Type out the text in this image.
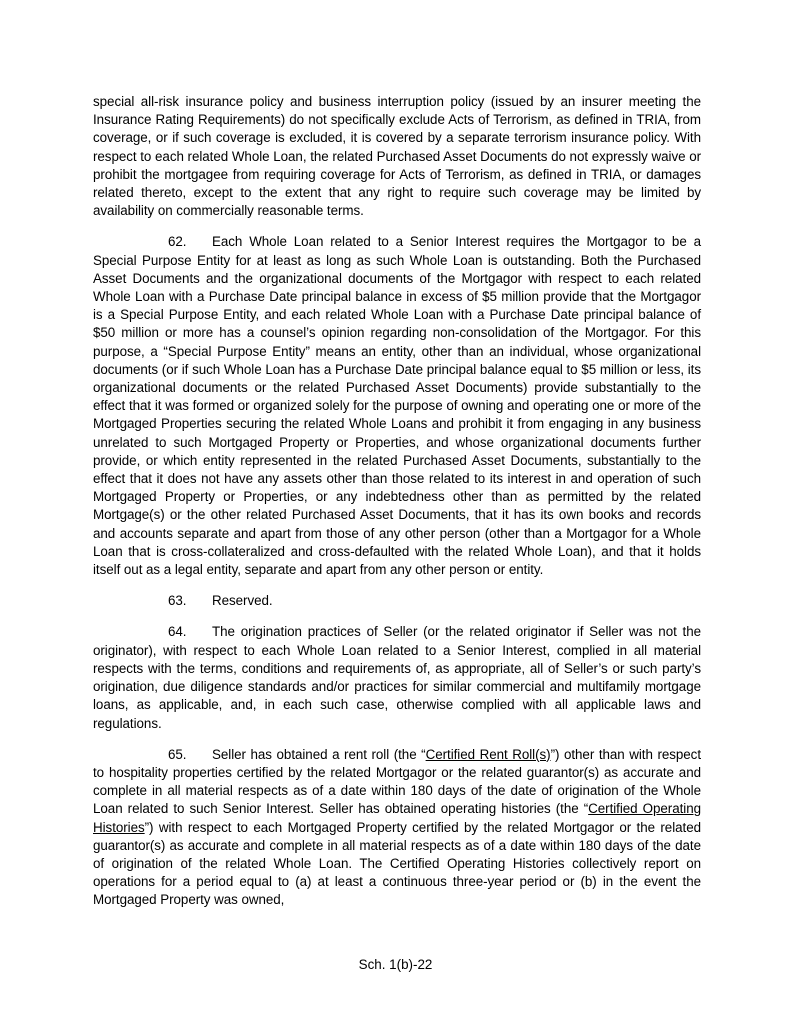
special all-risk insurance policy and business interruption policy (issued by an insurer meeting the Insurance Rating Requirements) do not specifically exclude Acts of Terrorism, as defined in TRIA, from coverage, or if such coverage is excluded, it is covered by a separate terrorism insurance policy. With respect to each related Whole Loan, the related Purchased Asset Documents do not expressly waive or prohibit the mortgagee from requiring coverage for Acts of Terrorism, as defined in TRIA, or damages related thereto, except to the extent that any right to require such coverage may be limited by availability on commercially reasonable terms.

62. Each Whole Loan related to a Senior Interest requires the Mortgagor to be a Special Purpose Entity for at least as long as such Whole Loan is outstanding. Both the Purchased Asset Documents and the organizational documents of the Mortgagor with respect to each related Whole Loan with a Purchase Date principal balance in excess of $5 million provide that the Mortgagor is a Special Purpose Entity, and each related Whole Loan with a Purchase Date principal balance of $50 million or more has a counsel’s opinion regarding non-consolidation of the Mortgagor. For this purpose, a “Special Purpose Entity” means an entity, other than an individual, whose organizational documents (or if such Whole Loan has a Purchase Date principal balance equal to $5 million or less, its organizational documents or the related Purchased Asset Documents) provide substantially to the effect that it was formed or organized solely for the purpose of owning and operating one or more of the Mortgaged Properties securing the related Whole Loans and prohibit it from engaging in any business unrelated to such Mortgaged Property or Properties, and whose organizational documents further provide, or which entity represented in the related Purchased Asset Documents, substantially to the effect that it does not have any assets other than those related to its interest in and operation of such Mortgaged Property or Properties, or any indebtedness other than as permitted by the related Mortgage(s) or the other related Purchased Asset Documents, that it has its own books and records and accounts separate and apart from those of any other person (other than a Mortgagor for a Whole Loan that is cross-collateralized and cross-defaulted with the related Whole Loan), and that it holds itself out as a legal entity, separate and apart from any other person or entity.

63. Reserved.

64. The origination practices of Seller (or the related originator if Seller was not the originator), with respect to each Whole Loan related to a Senior Interest, complied in all material respects with the terms, conditions and requirements of, as appropriate, all of Seller’s or such party’s origination, due diligence standards and/or practices for similar commercial and multifamily mortgage loans, as applicable, and, in each such case, otherwise complied with all applicable laws and regulations.

65. Seller has obtained a rent roll (the “Certified Rent Roll(s)”) other than with respect to hospitality properties certified by the related Mortgagor or the related guarantor(s) as accurate and complete in all material respects as of a date within 180 days of the date of origination of the Whole Loan related to such Senior Interest. Seller has obtained operating histories (the “Certified Operating Histories”) with respect to each Mortgaged Property certified by the related Mortgagor or the related guarantor(s) as accurate and complete in all material respects as of a date within 180 days of the date of origination of the related Whole Loan. The Certified Operating Histories collectively report on operations for a period equal to (a) at least a continuous three-year period or (b) in the event the Mortgaged Property was owned,

Sch. 1(b)-22
